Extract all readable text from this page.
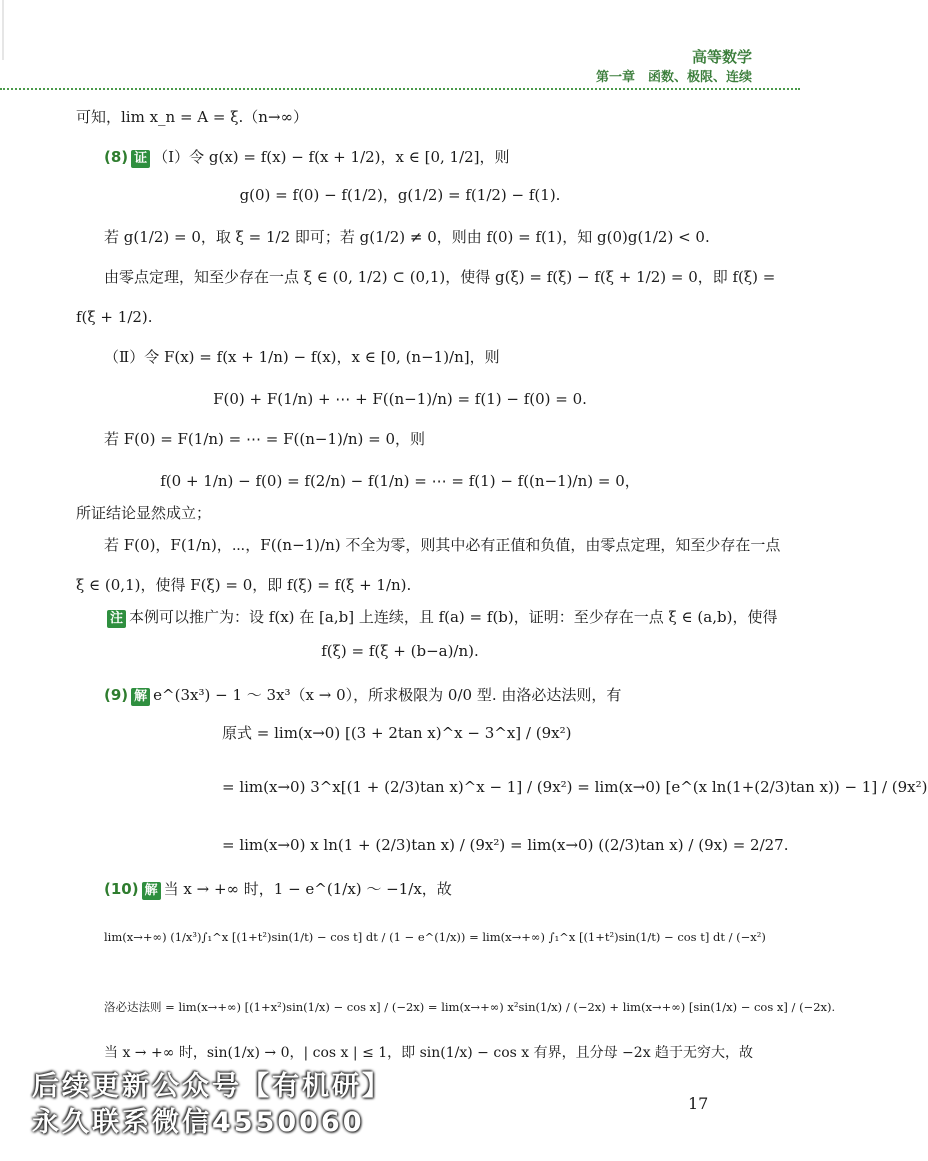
高等数学
第一章　函数、极限、连续
可知，lim x_n = A = ξ.（n→∞）
(8) 证 （Ⅰ）令 g(x) = f(x) − f(x + 1/2)，x ∈ [0, 1/2]，则
g(0) = f(0) − f(1/2)，g(1/2) = f(1/2) − f(1).
若 g(1/2) = 0，取 ξ = 1/2 即可；若 g(1/2) ≠ 0，则由 f(0) = f(1)，知 g(0)g(1/2) < 0.
由零点定理，知至少存在一点 ξ ∈ (0, 1/2) ⊂ (0,1)，使得 g(ξ) = f(ξ) − f(ξ + 1/2) = 0，即 f(ξ) =
f(ξ + 1/2).
（Ⅱ）令 F(x) = f(x + 1/n) − f(x)，x ∈ [0, (n−1)/n]，则
F(0) + F(1/n) + ⋯ + F((n−1)/n) = f(1) − f(0) = 0.
若 F(0) = F(1/n) = ⋯ = F((n−1)/n) = 0，则
f(0 + 1/n) − f(0) = f(2/n) − f(1/n) = ⋯ = f(1) − f((n−1)/n) = 0，
所证结论显然成立；
若 F(0)，F(1/n)，⋯，F((n−1)/n) 不全为零，则其中必有正值和负值，由零点定理，知至少存在一点
ξ ∈ (0,1)，使得 F(ξ) = 0，即 f(ξ) = f(ξ + 1/n).
注 本例可以推广为：设 f(x) 在 [a,b] 上连续，且 f(a) = f(b)，证明：至少存在一点 ξ ∈ (a,b)，使得
f(ξ) = f(ξ + (b−a)/n).
(9) 解 e^(3x³) − 1 ～ 3x³（x → 0），所求极限为 0/0 型. 由洛必达法则，有
原式 = lim(x→0) [(3 + 2tan x)^x − 3^x] / (9x²)
= lim(x→0) 3^x[(1 + (2/3)tan x)^x − 1] / (9x²) = lim(x→0) [e^(x ln(1+(2/3)tan x)) − 1] / (9x²)
= lim(x→0) x ln(1 + (2/3)tan x) / (9x²) = lim(x→0) ((2/3)tan x) / (9x) = 2/27.
(10) 解 当 x → +∞ 时，1 − e^(1/x) ～ −1/x，故
lim(x→+∞) (1/x³)∫₁^x [(1+t²)sin(1/t) − cos t] dt / (1 − e^(1/x)) = lim(x→+∞) ∫₁^x [(1+t²)sin(1/t) − cos t] dt / (−x²)
洛必达法则 = lim(x→+∞) [(1+x²)sin(1/x) − cos x] / (−2x) = lim(x→+∞) x²sin(1/x) / (−2x) + lim(x→+∞) [sin(1/x) − cos x] / (−2x).
当 x → +∞ 时，sin(1/x) → 0，| cos x | ≤ 1，即 sin(1/x) − cos x 有界，且分母 −2x 趋于无穷大，故
17
后续更新公众号【有机研】
永久联系微信4550060
